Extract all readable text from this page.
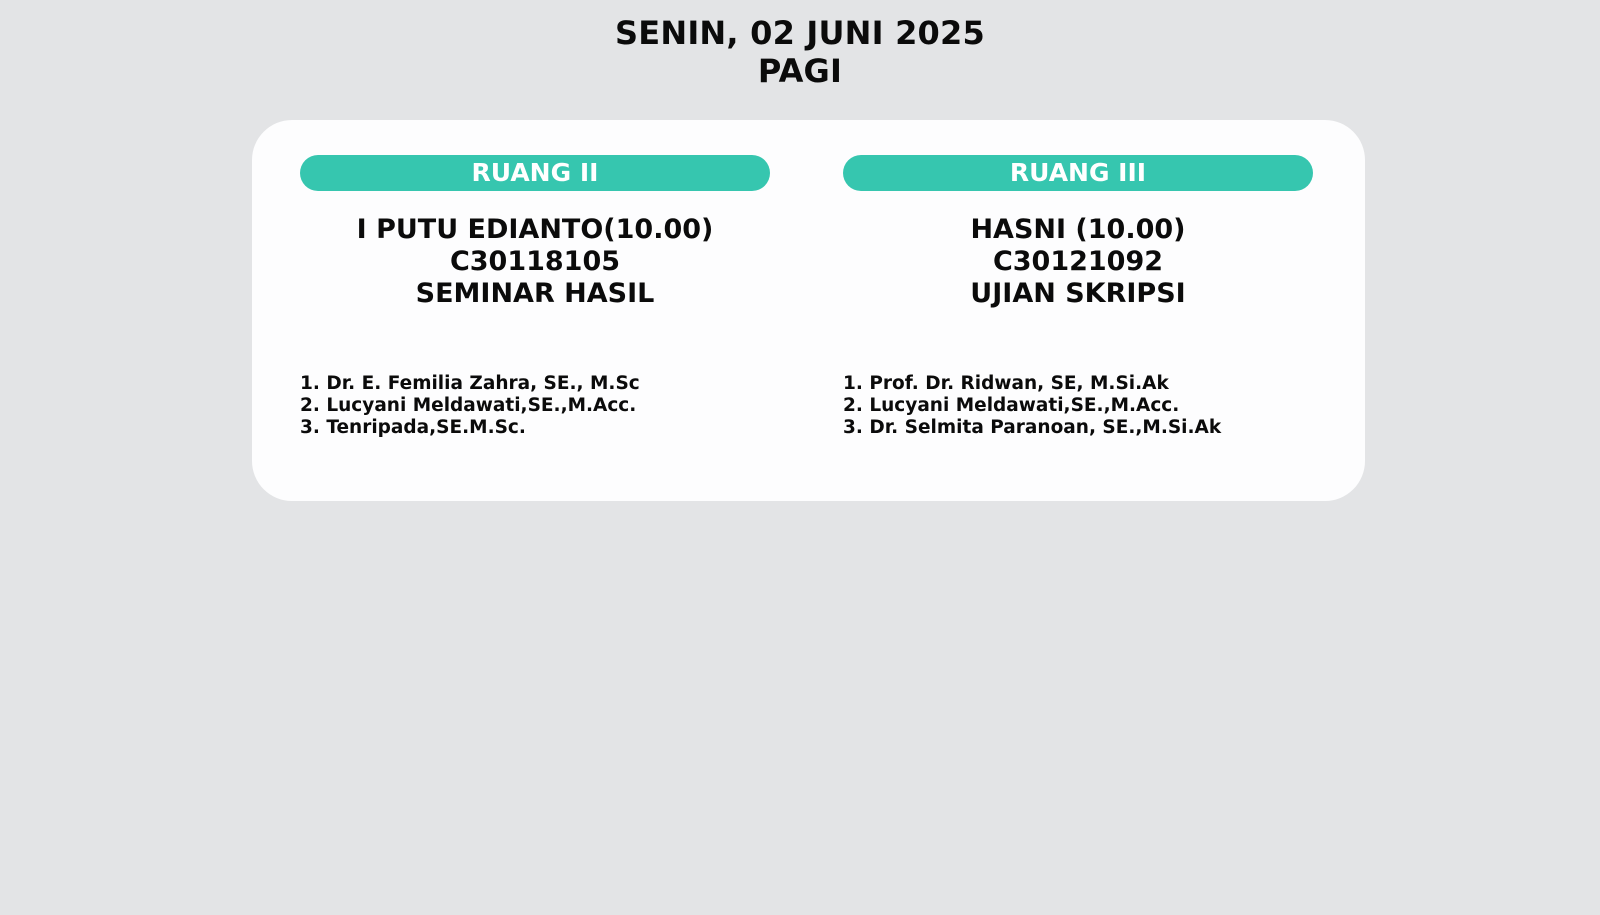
SENIN, 02 JUNI 2025
PAGI
RUANG II
I PUTU EDIANTO(10.00)
C30118105
SEMINAR HASIL
1. Dr. E. Femilia Zahra, SE., M.Sc
2. Lucyani Meldawati,SE.,M.Acc.
3. Tenripada,SE.M.Sc.
RUANG III
HASNI (10.00)
C30121092
UJIAN SKRIPSI
1. Prof. Dr. Ridwan, SE, M.Si.Ak
2. Lucyani Meldawati,SE.,M.Acc.
3. Dr. Selmita Paranoan, SE.,M.Si.Ak
